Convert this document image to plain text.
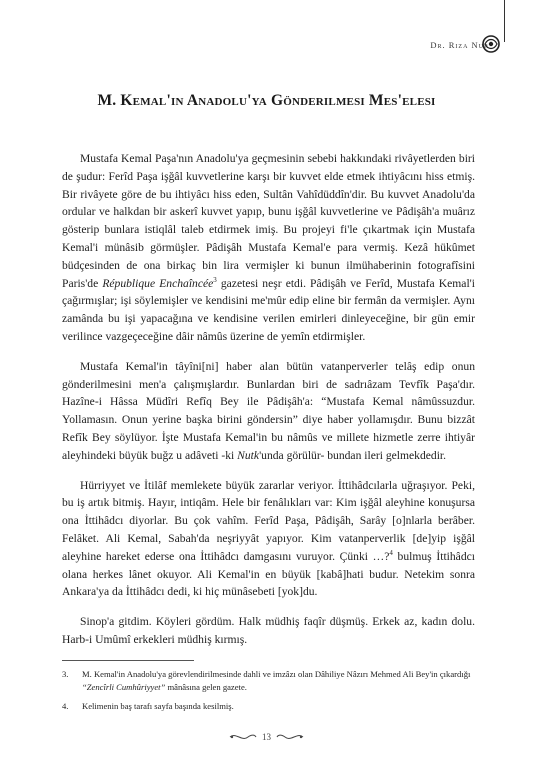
Dr. Rıza Nur
M. Kemal'in Anadolu'ya Gönderilmesi Mes'elesi

Mustafa Kemal Paşa'nın Anadolu'ya geçmesinin sebebi hakkındaki rivâyetlerden biri de şudur: Ferîd Paşa işğâl kuvvetlerine karşı bir kuvvet elde etmek ihtiyâcını hiss etmiş. Bir rivâyete göre de bu ihtiyâcı hiss eden, Sultân Vahîdüddîn'dir. Bu kuvvet Anadolu'da ordular ve halkdan bir askerî kuvvet yapıp, bunu işğâl kuvvetlerine ve Pâdişâh'a muârız gösterip bunlara istiqlâl taleb etdirmek imiş. Bu projeyi fi'le çıkartmak için Mustafa Kemal'i münâsib görmüşler. Pâdişâh Mustafa Kemal'e para vermiş. Kezâ hükûmet büdçesinden de ona birkaç bin lira vermişler ki bunun ilmühaberinin fotografîsini Paris'de République Enchaîncée$^3$ gazetesi neşr etdi. Pâdişâh ve Ferîd, Mustafa Kemal'i çağırmışlar; işi söylemişler ve kendisini me'mûr edip eline bir fermân da vermişler. Aynı zamânda bu işi yapacağına ve kendisine verilen emirleri dinleyeceğine, bir gün emir verilince vazgeçeceğine dâir nâmûs üzerine de yemîn etdirmişler.

Mustafa Kemal'in tâyîni[ni] haber alan bütün vatanperverler telâş edip onun gönderilmesini men'a çalışmışlardır. Bunlardan biri de sadrıâzam Tevfîk Paşa'dır. Hazîne-i Hâssa Müdîri Refîq Bey ile Pâdişâh'a: “Mustafa Kemal nâmûssuzdur. Yollamasın. Onun yerine başka birini göndersin” diye haber yollamışdır. Bunu bizzât Refîk Bey söylüyor. İşte Mustafa Kemal'in bu nâmûs ve millete hizmetle zerre ihtiyâr aleyhindeki büyük buğz u adâveti -ki Nutk'unda görülür- bundan ileri gelmekdedir.

Hürriyyet ve İtilâf memlekete büyük zararlar veriyor. İttihâdcılarla uğraşıyor. Peki, bu iş artık bitmiş. Hayır, intiqâm. Hele bir fenâlıkları var: Kim işğâl aleyhine konuşursa ona İttihâdcı diyorlar. Bu çok vahîm. Ferîd Paşa, Pâdişâh, Sarây [o]nlarla berâber. Felâket. Ali Kemal, Sabah'da neşriyyât yapıyor. Kim vatanperverlik [de]yip işğâl aleyhine hareket ederse ona İttihâdcı damgasını vuruyor. Çünki …?$^4$ bulmuş İttihâdcı olana herkes lânet okuyor. Ali Kemal'in en büyük [kabâ]hati budur. Netekim sonra Ankara'ya da İttihâdcı dedi, ki hiç münâsebeti [yok]du.

Sinop'a gitdim. Köyleri gördüm. Halk müdhiş faqîr düşmüş. Erkek az, kadın dolu. Harb-i Umûmî erkekleri müdhiş kırmış.

3.	M. Kemal'in Anadolu'ya görevlendirilmesinde dahli ve imzâzı olan Dâhiliye Nâzırı Mehmed Ali Bey'in çıkardığı “Zencîrli Cumhûriyyet” mânâsına gelen gazete.
4.	Kelimenin baş tarafı sayfa başında kesilmiş.
13
